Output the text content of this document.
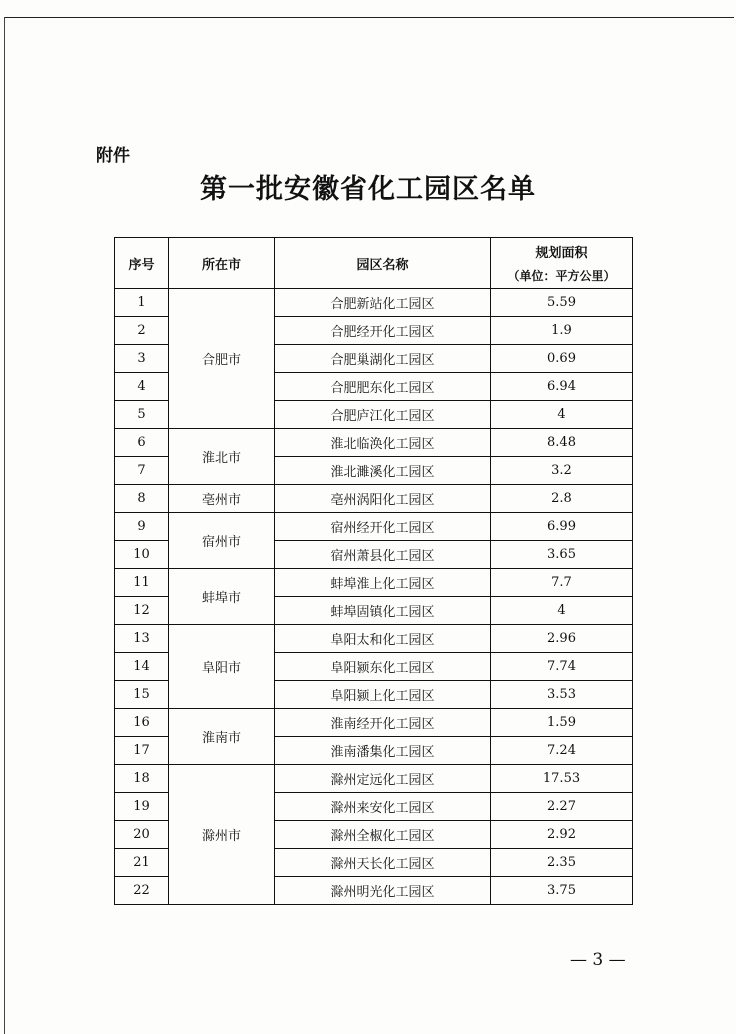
附件
第一批安徽省化工园区名单
序号	所在市	园区名称	规划面积
（单位：平方公里）

1	合肥市	合肥新站化工园区	5.59
2		合肥经开化工园区	1.9
3		合肥巢湖化工园区	0.69
4		合肥肥东化工园区	6.94
5		合肥庐江化工园区	4
6	淮北市	淮北临涣化工园区	8.48
7		淮北濉溪化工园区	3.2
8	亳州市	亳州涡阳化工园区	2.8
9	宿州市	宿州经开化工园区	6.99
10		宿州萧县化工园区	3.65
11	蚌埠市	蚌埠淮上化工园区	7.7
12		蚌埠固镇化工园区	4
13	阜阳市	阜阳太和化工园区	2.96
14		阜阳颍东化工园区	7.74
15		阜阳颍上化工园区	3.53
16	淮南市	淮南经开化工园区	1.59
17		淮南潘集化工园区	7.24
18	滁州市	滁州定远化工园区	17.53
19		滁州来安化工园区	2.27
20		滁州全椒化工园区	2.92
21		滁州天长化工园区	2.35
22		滁州明光化工园区	3.75
— 3 —
